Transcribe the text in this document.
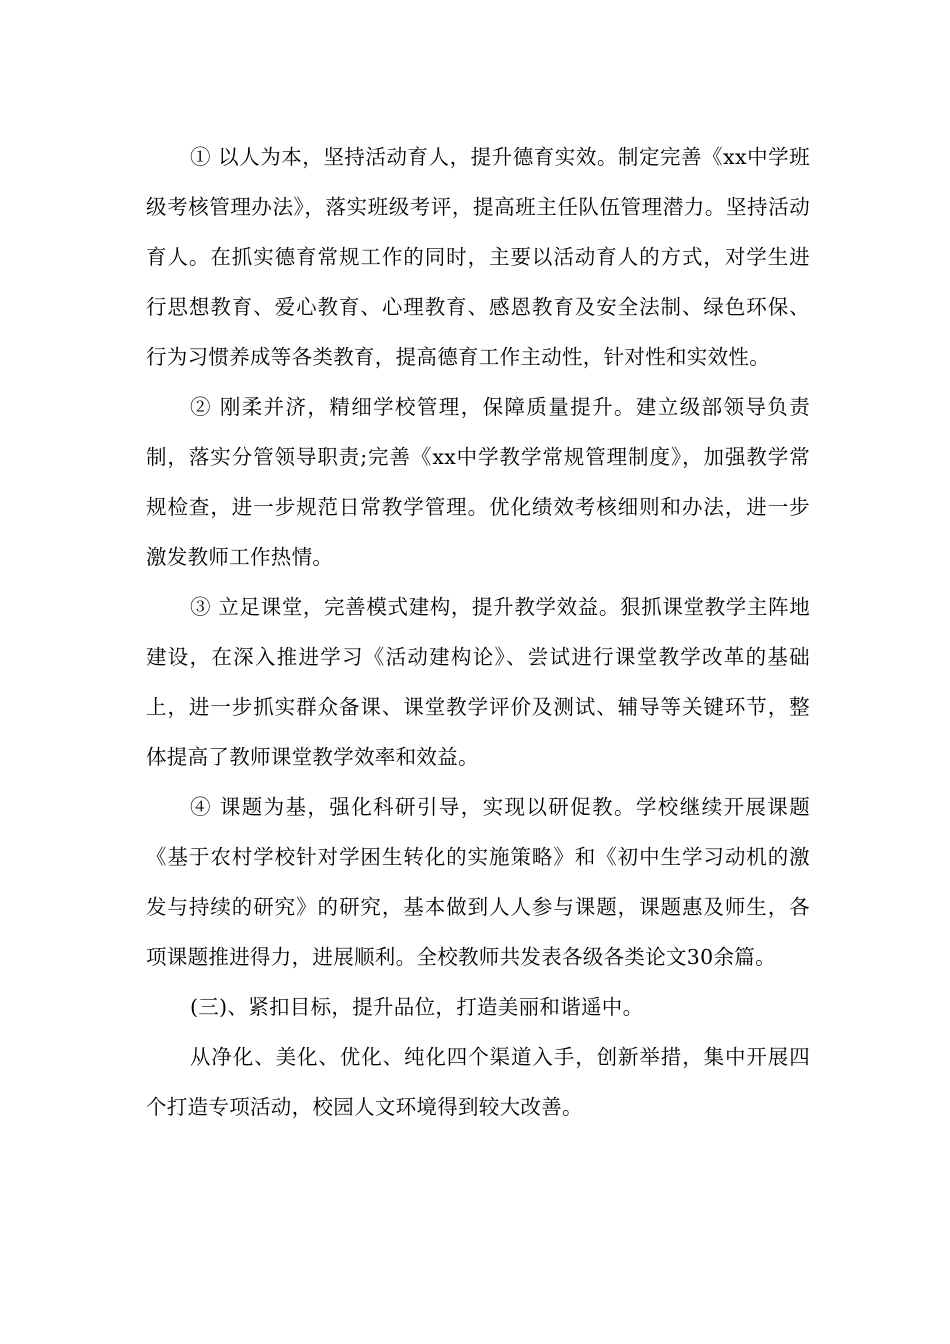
① 以人为本，坚持活动育人，提升德育实效。制定完善《xx中学班级考核管理办法》，落实班级考评，提高班主任队伍管理潜力。坚持活动育人。在抓实德育常规工作的同时，主要以活动育人的方式，对学生进行思想教育、爱心教育、心理教育、感恩教育及安全法制、绿色环保、行为习惯养成等各类教育，提高德育工作主动性，针对性和实效性。

② 刚柔并济，精细学校管理，保障质量提升。建立级部领导负责制，落实分管领导职责;完善《xx中学教学常规管理制度》，加强教学常规检查，进一步规范日常教学管理。优化绩效考核细则和办法，进一步激发教师工作热情。

③ 立足课堂，完善模式建构，提升教学效益。狠抓课堂教学主阵地建设，在深入推进学习《活动建构论》、尝试进行课堂教学改革的基础上，进一步抓实群众备课、课堂教学评价及测试、辅导等关键环节，整体提高了教师课堂教学效率和效益。

④ 课题为基，强化科研引导，实现以研促教。学校继续开展课题《基于农村学校针对学困生转化的实施策略》和《初中生学习动机的激发与持续的研究》的研究，基本做到人人参与课题，课题惠及师生，各项课题推进得力，进展顺利。全校教师共发表各级各类论文30余篇。

(三)、紧扣目标，提升品位，打造美丽和谐遥中。

从净化、美化、优化、纯化四个渠道入手，创新举措，集中开展四个打造专项活动，校园人文环境得到较大改善。
